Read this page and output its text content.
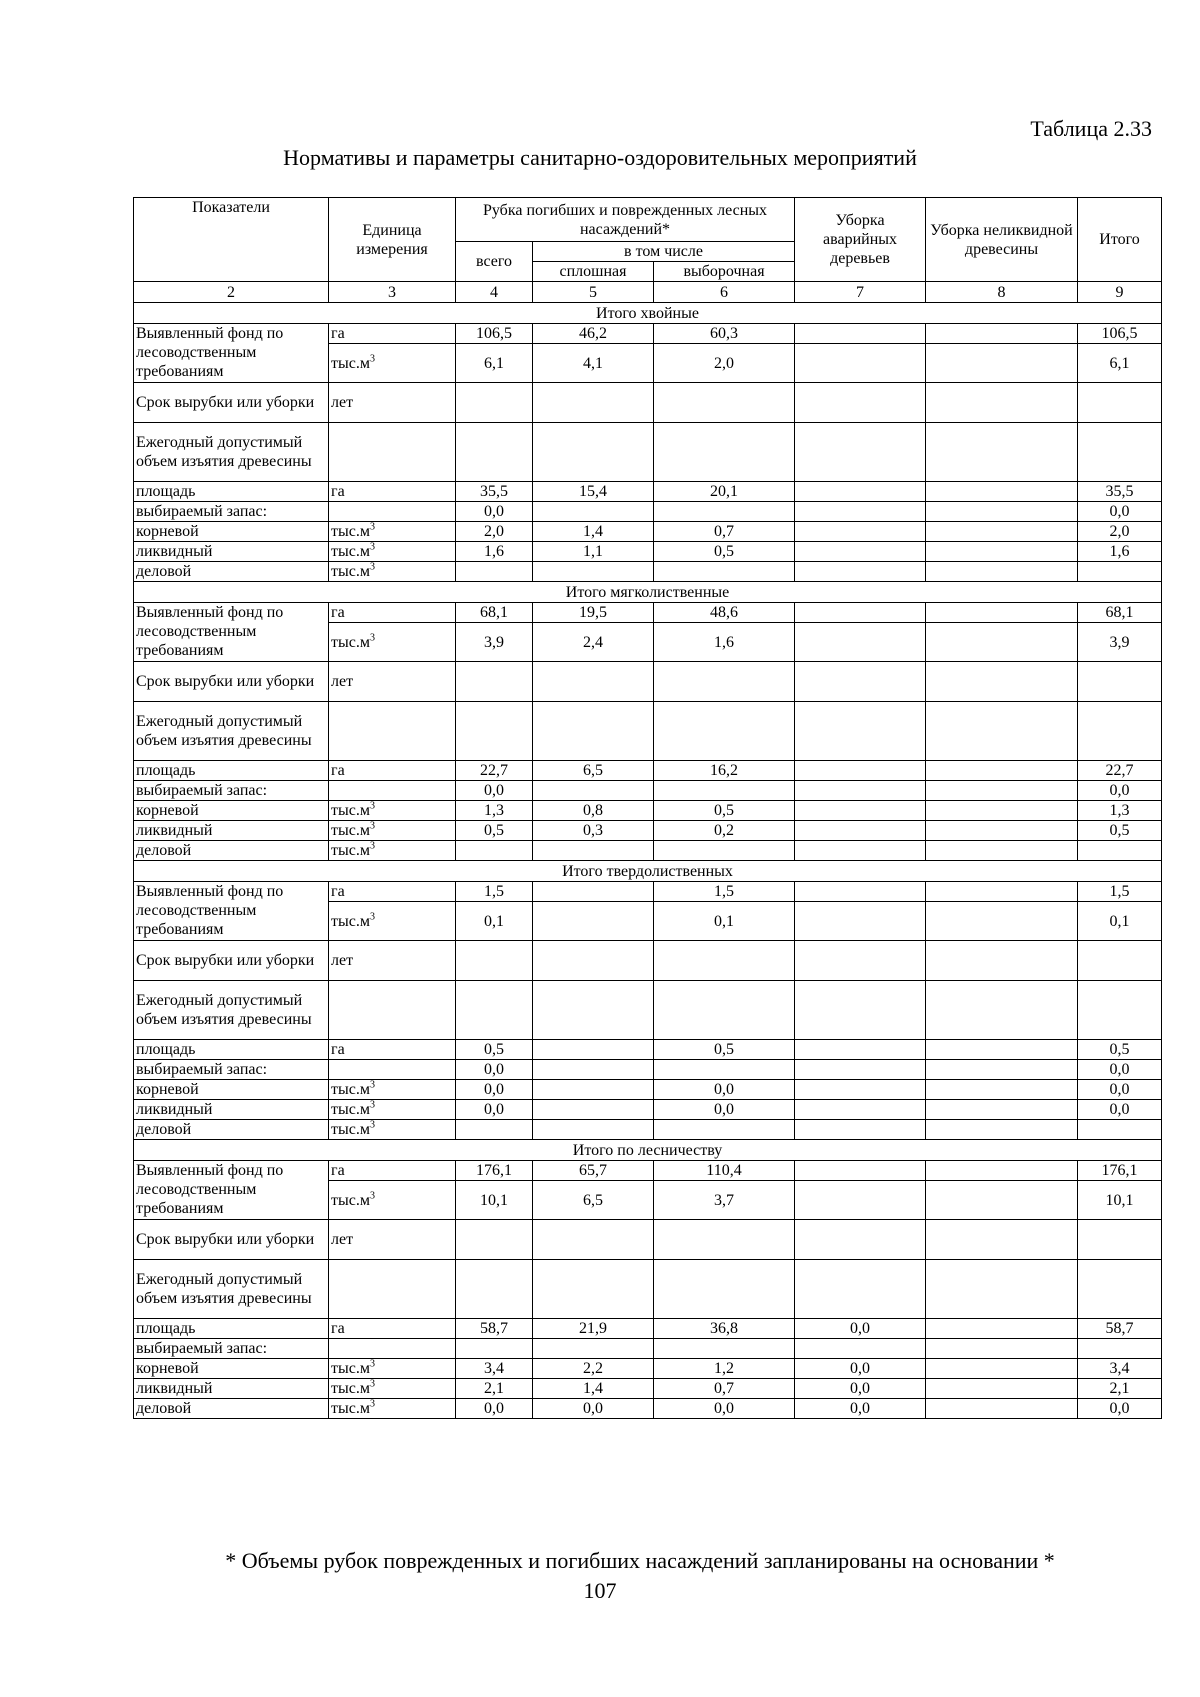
Таблица 2.33
Нормативы и параметры санитарно-оздоровительных мероприятий
Показатели	Единица измерения	Рубка погибших и поврежденных лесных насаждений*			Уборка аварийных деревьев	Уборка неликвидной древесины	Итого
		всего	в том числе				
			сплошная	выборочная			
2	3	4	5	6	7	8	9
Итого хвойные							
Выявленный фонд по лесоводственным требованиям	га	106,5	46,2	60,3			106,5
	$тыс.м^3$	6,1	4,1	2,0			6,1
Срок вырубки или уборки	лет						
Ежегодный допустимый объем изъятия древесины							
площадь	га	35,5	15,4	20,1			35,5
выбираемый запас:		0,0					0,0
корневой	$тыс.м^3$	2,0	1,4	0,7			2,0
ликвидный	$тыс.м^3$	1,6	1,1	0,5			1,6
деловой	$тыс.м^3$						
Итого мягколиственные							
Выявленный фонд по лесоводственным требованиям	га	68,1	19,5	48,6			68,1
	$тыс.м^3$	3,9	2,4	1,6			3,9
Срок вырубки или уборки	лет						
Ежегодный допустимый объем изъятия древесины							
площадь	га	22,7	6,5	16,2			22,7
выбираемый запас:		0,0					0,0
корневой	$тыс.м^3$	1,3	0,8	0,5			1,3
ликвидный	$тыс.м^3$	0,5	0,3	0,2			0,5
деловой	$тыс.м^3$						
Итого твердолиственных							
Выявленный фонд по лесоводственным требованиям	га	1,5		1,5			1,5
	$тыс.м^3$	0,1		0,1			0,1
Срок вырубки или уборки	лет						
Ежегодный допустимый объем изъятия древесины							
площадь	га	0,5		0,5			0,5
выбираемый запас:		0,0					0,0
корневой	$тыс.м^3$	0,0		0,0			0,0
ликвидный	$тыс.м^3$	0,0		0,0			0,0
деловой	$тыс.м^3$						
Итого по лесничеству							
Выявленный фонд по лесоводственным требованиям	га	176,1	65,7	110,4			176,1
	$тыс.м^3$	10,1	6,5	3,7			10,1
Срок вырубки или уборки	лет						
Ежегодный допустимый объем изъятия древесины							
площадь	га	58,7	21,9	36,8	0,0		58,7
выбираемый запас:							
корневой	$тыс.м^3$	3,4	2,2	1,2	0,0		3,4
ликвидный	$тыс.м^3$	2,1	1,4	0,7	0,0		2,1
деловой	$тыс.м^3$	0,0	0,0	0,0	0,0		0,0
* Объемы рубок поврежденных и погибших насаждений запланированы на основании *
107
